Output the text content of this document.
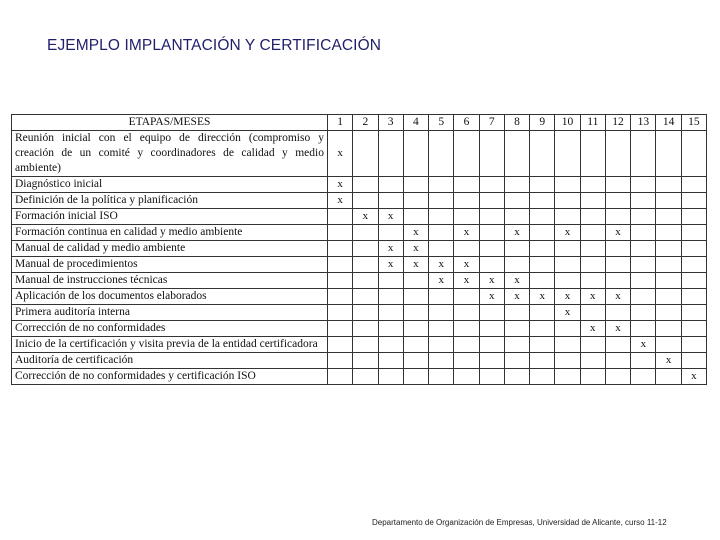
EJEMPLO IMPLANTACIÓN Y CERTIFICACIÓN
ETAPAS/MESES	1	2	3	4	5	6	7	8	9	10	11	12	13	14	15
Reunión inicial con el equipo de dirección (compromiso y creación de un comité y coordinadores de calidad y medio ambiente)	x														
Diagnóstico inicial	x														
Definición de la política y planificación	x														
Formación inicial ISO		x	x												
Formación continua en calidad y medio ambiente				x		x		x		x		x			
Manual de calidad y medio ambiente			x	x											
Manual de procedimientos			x	x	x	x									
Manual de instrucciones técnicas					x	x	x	x							
Aplicación de los documentos elaborados							x	x	x	x	x	x			
Primera auditoría interna										x					
Corrección de no conformidades											x	x			
Inicio de la certificación y visita previa de la entidad certificadora													x		
Auditoría de certificación														x	
Corrección de no conformidades y certificación ISO															x
Departamento de Organización de Empresas, Universidad de Alicante, curso 11-12
